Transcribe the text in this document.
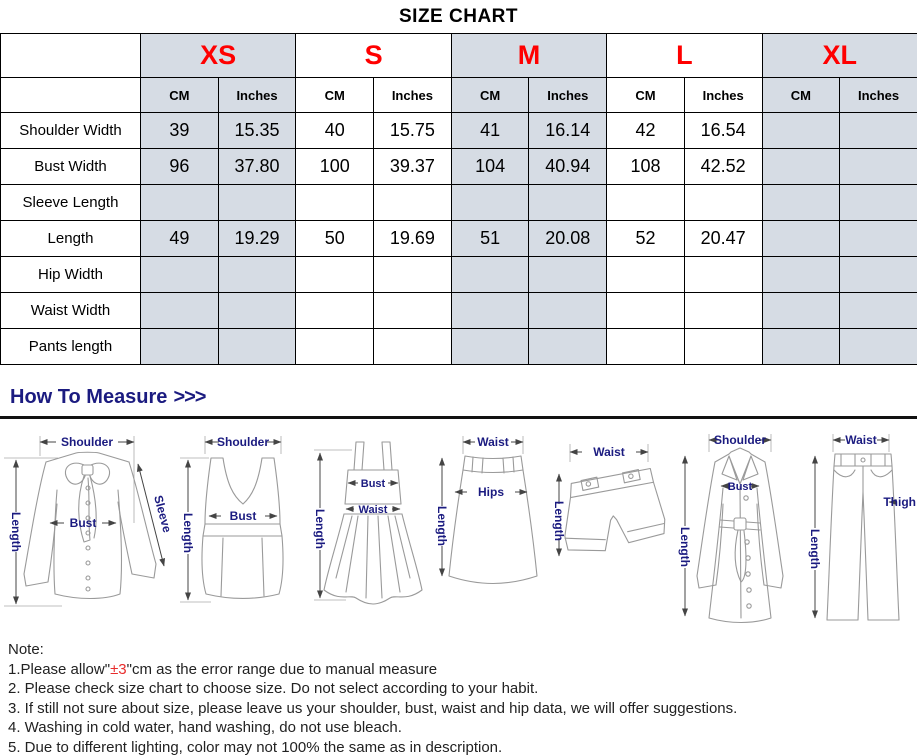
SIZE CHART
	XS		S		M		L		XL	
	CM	Inches	CM	Inches	CM	Inches	CM	Inches	CM	Inches
Shoulder Width	39	15.35	40	15.75	41	16.14	42	16.54		
Bust Width	96	37.80	100	39.37	104	40.94	108	42.52		
Sleeve Length										
Length	49	19.29	50	19.69	51	20.08	52	20.47		
Hip Width										
Waist Width										
Pants length										
How To Measure >>>
Shoulder
Length	Bust	Sleeve
Shoulder
Length	Bust	Length
Bust
Waist
Waist
Hips
Length
Waist
Length
Shoulder
Length
Bust
Waist
Length
Thigh
Note:
1.Please allow"±3"cm as the error range due to manual measure
2. Please check size chart to choose size. Do not select according to your habit.
3. If still not sure about size, please leave us your shoulder, bust, waist and hip data, we will offer suggestions.
4. Washing in cold water, hand washing, do not use bleach.
5. Due to different lighting, color may not 100% the same as in description.
